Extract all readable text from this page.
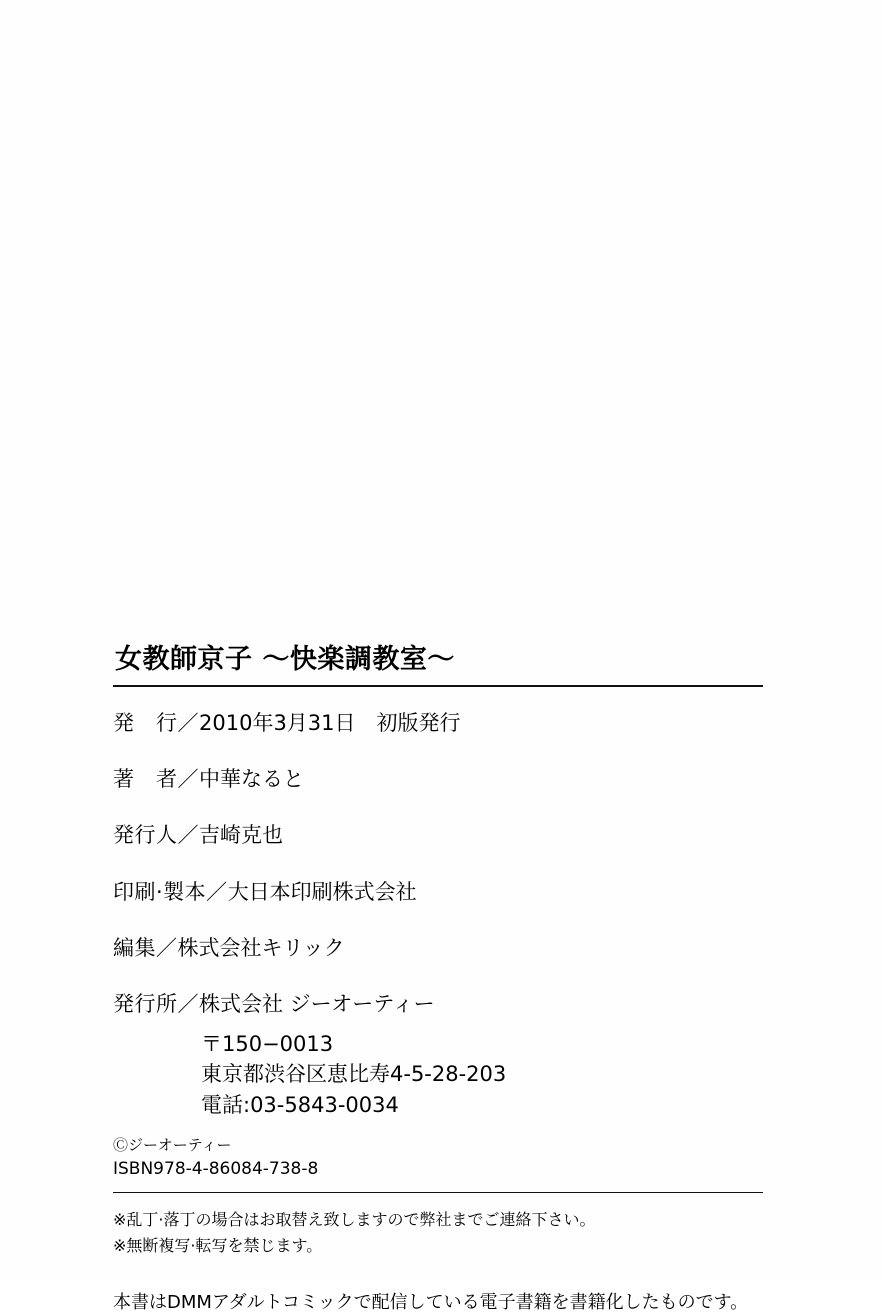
女教師京子 〜快楽調教室〜
発　行／2010年3月31日　初版発行
著　者／中華なると
発行人／吉崎克也
印刷·製本／大日本印刷株式会社
編集／株式会社キリック
発行所／株式会社 ジーオーティー
〒150−0013
東京都渋谷区恵比寿4-5-28-203
電話:03-5843-0034
Ⓒジーオーティー
ISBN978-4-86084-738-8
※乱丁·落丁の場合はお取替え致しますので弊社までご連絡下さい。
※無断複写·転写を禁じます。
本書はDMMアダルトコミックで配信している電子書籍を書籍化したものです。
